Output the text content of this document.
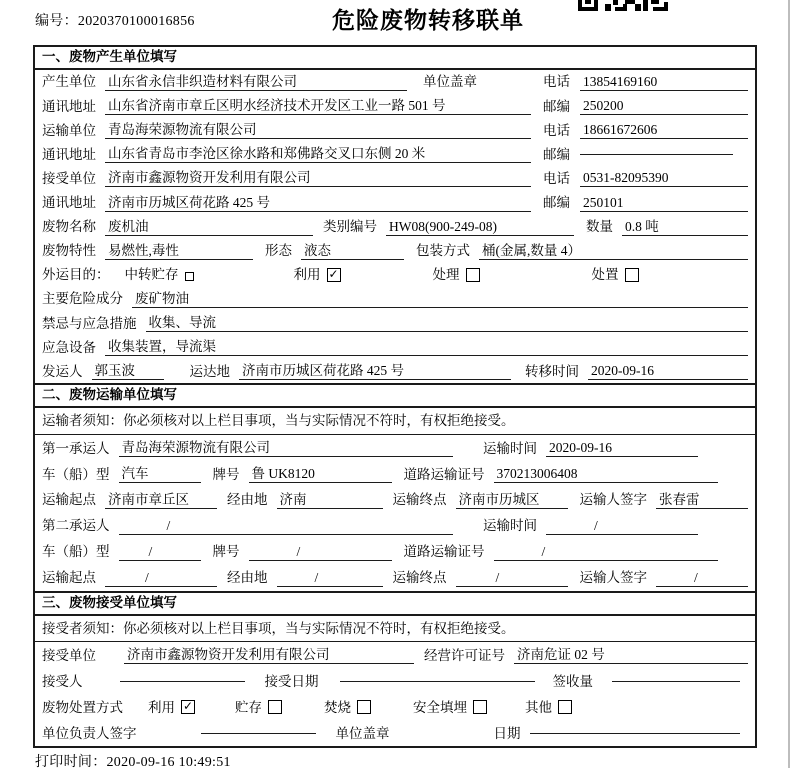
编号：2020370100016856	危险废物转移联单
一、废物产生单位填写
产生单位 山东省永信非织造材料有限公司	单位盖章	电话 13854169160
通讯地址 山东省济南市章丘区明水经济技术开发区工业一路 501 号	邮编 250200
运输单位 青岛海荣源物流有限公司	电话 18661672606
通讯地址 山东省青岛市李沧区徐水路和郑佛路交叉口东侧 20 米	邮编
接受单位 济南市鑫源物资开发利用有限公司	电话 0531-82095390
通讯地址 济南市历城区荷花路 425 号	邮编 250101
废物名称 废机油	类别编号 HW08(900-249-08)	数量 0.8 吨
废物特性 易燃性,毒性	形态 液态	包装方式 桶(金属,数量 4）
外运目的： 中转贮存	利用 ✓	处理	处置
主要危险成分 废矿物油
禁忌与应急措施 收集、导流
应急设备 收集装置，导流渠
发运人 郭玉波	运达地 济南市历城区荷花路 425 号	转移时间 2020-09-16
二、废物运输单位填写
运输者须知：你必须核对以上栏目事项，当与实际情况不符时，有权拒绝接受。
第一承运人 青岛海荣源物流有限公司	运输时间 2020-09-16
车（船）型 汽车	牌号 鲁 UK8120	道路运输证号 370213006408
运输起点 济南市章丘区	经由地 济南	运输终点 济南市历城区	运输人签字 张春雷
第二承运人	/	运输时间	/
车（船）型	/	牌号	/	道路运输证号	/
运输起点	/	经由地	/	运输终点	/	运输人签字	/
三、废物接受单位填写
接受者须知：你必须核对以上栏目事项，当与实际情况不符时，有权拒绝接受。
接受单位 济南市鑫源物资开发利用有限公司	经营许可证号 济南危证 02 号
接受人	接受日期	签收量
废物处置方式 利用 ✓	贮存	焚烧	安全填埋	其他
单位负责人签字	单位盖章	日期
打印时间：2020-09-16 10:49:51
